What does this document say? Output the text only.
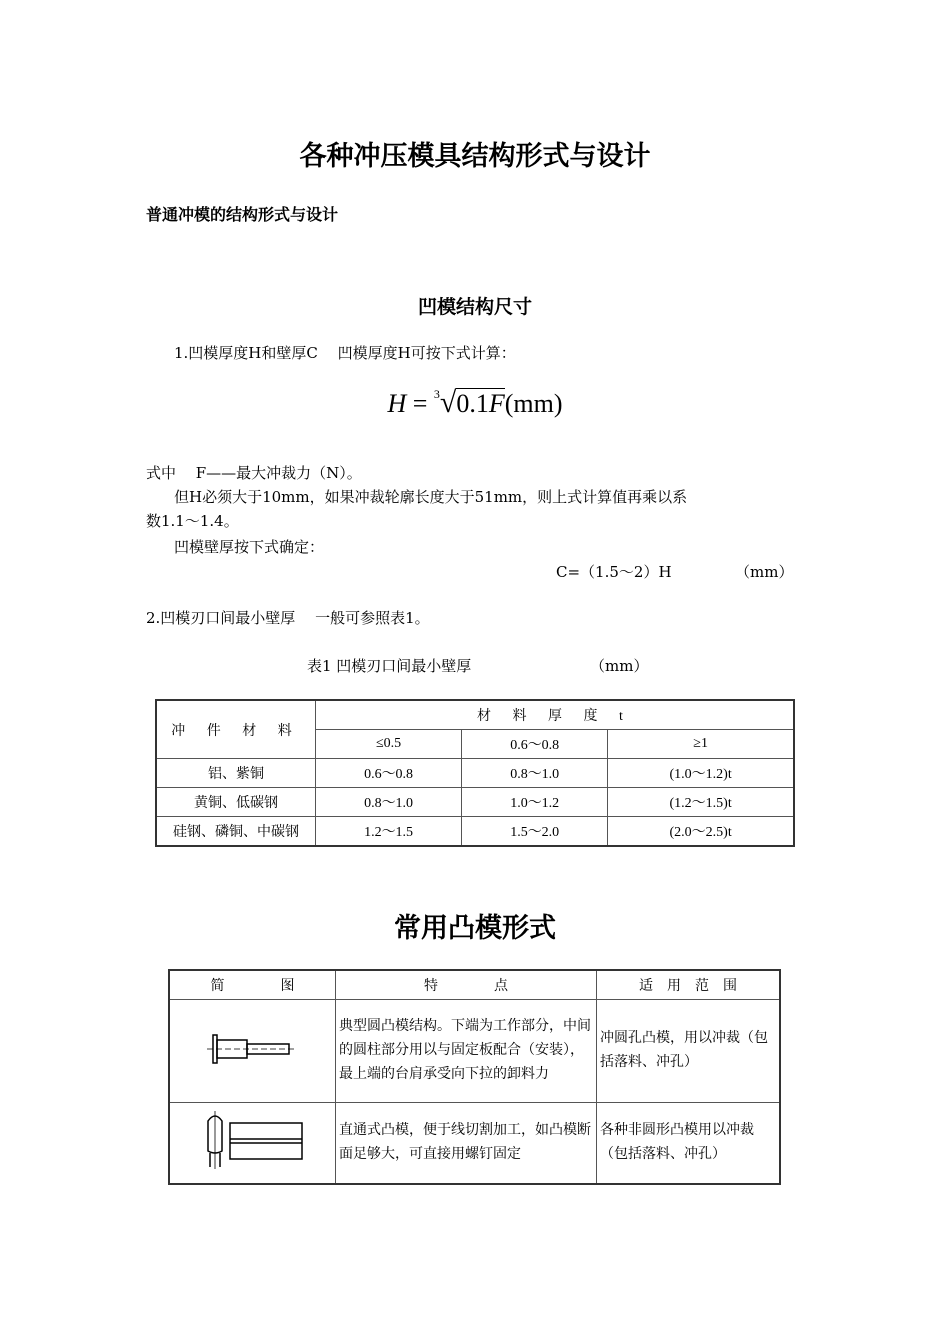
各种冲压模具结构形式与设计
普通冲模的结构形式与设计
凹模结构尺寸
1.凹模厚度H和壁厚C　 凹模厚度H可按下式计算：
H = $^3$√0.1F(mm)
式中　 F——最大冲裁力（N）。
但H必须大于10mm，如果冲裁轮廓长度大于51mm，则上式计算值再乘以系
数1.1～1.4。
凹模壁厚按下式确定：
C=（1.5～2）H	（mm）
2.凹模刃口间最小壁厚　 一般可参照表1。
表1 凹模刃口间最小壁厚	（mm）
冲 件 材 料	材 料 厚 度 t		
	≤0.5	0.6～0.8	≥1
铝、紫铜	0.6～0.8	0.8～1.0	(1.0～1.2)t
黄铜、低碳钢	0.8～1.0	1.0～1.2	(1.2～1.5)t
硅钢、磷铜、中碳钢	1.2～1.5	1.5～2.0	(2.0～2.5)t
常用凸模形式
简　　　　图	特　　　　点	适　用　范　围
	典型圆凸模结构。下端为工作部分，中间的圆柱部分用以与固定板配合（安装），最上端的台肩承受向下拉的卸料力	冲圆孔凸模，用以冲裁（包括落料、冲孔）
	直通式凸模，便于线切割加工，如凸模断面足够大，可直接用螺钉固定	各种非圆形凸模用以冲裁（包括落料、冲孔）
